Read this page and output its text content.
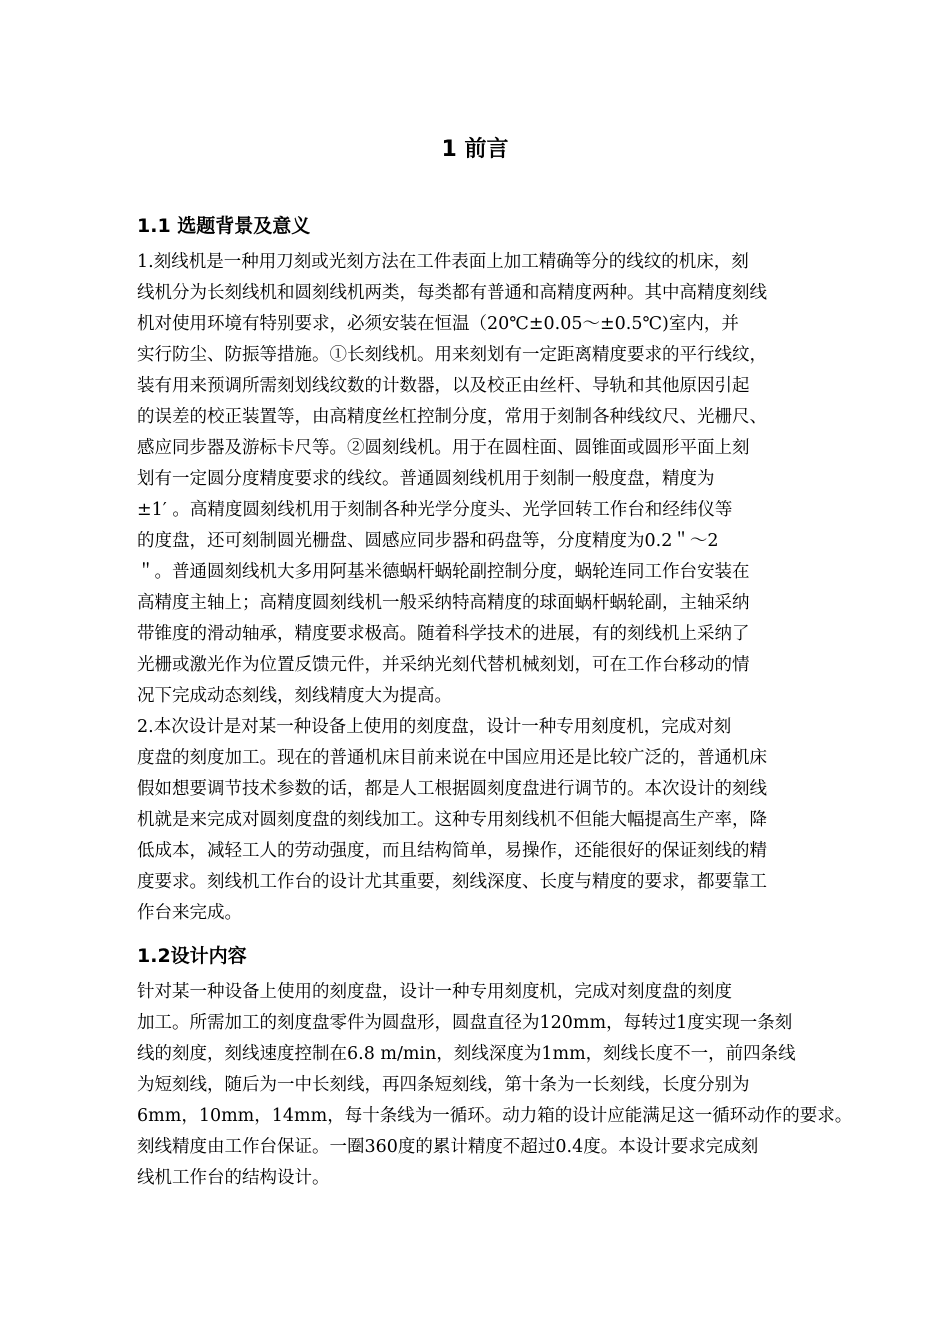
1 前言
1.1 选题背景及意义
1.刻线机是一种用刀刻或光刻方法在工件表面上加工精确等分的线纹的机床，刻
线机分为长刻线机和圆刻线机两类，每类都有普通和高精度两种。其中高精度刻线
机对使用环境有特别要求，必须安装在恒温（20℃±0.05～±0.5℃)室内，并
实行防尘、防振等措施。①长刻线机。用来刻划有一定距离精度要求的平行线纹，
装有用来预调所需刻划线纹数的计数器，以及校正由丝杆、导轨和其他原因引起
的误差的校正装置等，由高精度丝杠控制分度，常用于刻制各种线纹尺、光栅尺、
感应同步器及游标卡尺等。②圆刻线机。用于在圆柱面、圆锥面或圆形平面上刻
划有一定圆分度精度要求的线纹。普通圆刻线机用于刻制一般度盘，精度为
±1′ 。高精度圆刻线机用于刻制各种光学分度头、光学回转工作台和经纬仪等
的度盘，还可刻制圆光栅盘、圆感应同步器和码盘等，分度精度为0.2＂～2
＂。普通圆刻线机大多用阿基米德蜗杆蜗轮副控制分度，蜗轮连同工作台安装在
高精度主轴上；高精度圆刻线机一般采纳特高精度的球面蜗杆蜗轮副，主轴采纳
带锥度的滑动轴承，精度要求极高。随着科学技术的进展，有的刻线机上采纳了
光栅或激光作为位置反馈元件，并采纳光刻代替机械刻划，可在工作台移动的情
况下完成动态刻线，刻线精度大为提高。
2.本次设计是对某一种设备上使用的刻度盘，设计一种专用刻度机，完成对刻
度盘的刻度加工。现在的普通机床目前来说在中国应用还是比较广泛的，普通机床
假如想要调节技术参数的话，都是人工根据圆刻度盘进行调节的。本次设计的刻线
机就是来完成对圆刻度盘的刻线加工。这种专用刻线机不但能大幅提高生产率，降
低成本，减轻工人的劳动强度，而且结构简单，易操作，还能很好的保证刻线的精
度要求。刻线机工作台的设计尤其重要，刻线深度、长度与精度的要求，都要靠工
作台来完成。
1.2设计内容
针对某一种设备上使用的刻度盘，设计一种专用刻度机，完成对刻度盘的刻度
加工。所需加工的刻度盘零件为圆盘形，圆盘直径为120mm，每转过1度实现一条刻
线的刻度，刻线速度控制在6.8 m/min，刻线深度为1mm，刻线长度不一，前四条线
为短刻线，随后为一中长刻线，再四条短刻线，第十条为一长刻线，长度分别为
6mm，10mm，14mm，每十条线为一循环。动力箱的设计应能满足这一循环动作的要求。
刻线精度由工作台保证。一圈360度的累计精度不超过0.4度。本设计要求完成刻
线机工作台的结构设计。
